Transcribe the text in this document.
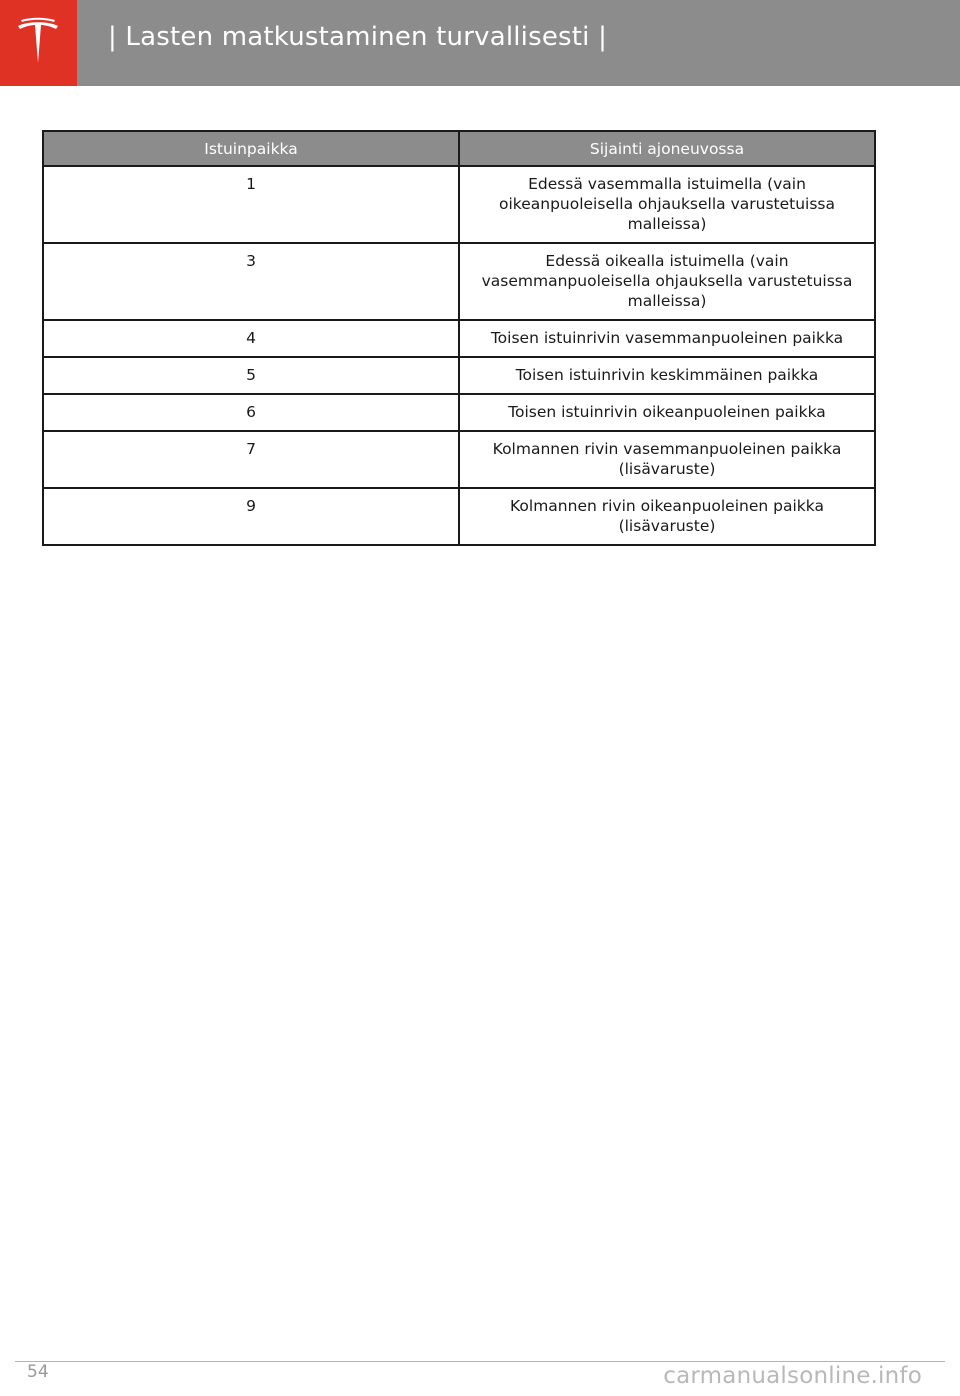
| Lasten matkustaminen turvallisesti |
Istuinpaikka	Sijainti ajoneuvossa
1	Edessä vasemmalla istuimella (vain oikeanpuoleisella ohjauksella varustetuissa malleissa)
3	Edessä oikealla istuimella (vain vasemmanpuoleisella ohjauksella varustetuissa malleissa)
4	Toisen istuinrivin vasemmanpuoleinen paikka
5	Toisen istuinrivin keskimmäinen paikka
6	Toisen istuinrivin oikeanpuoleinen paikka
7	Kolmannen rivin vasemmanpuoleinen paikka (lisävaruste)
9	Kolmannen rivin oikeanpuoleinen paikka (lisävaruste)
54	carmanualsonline.info
